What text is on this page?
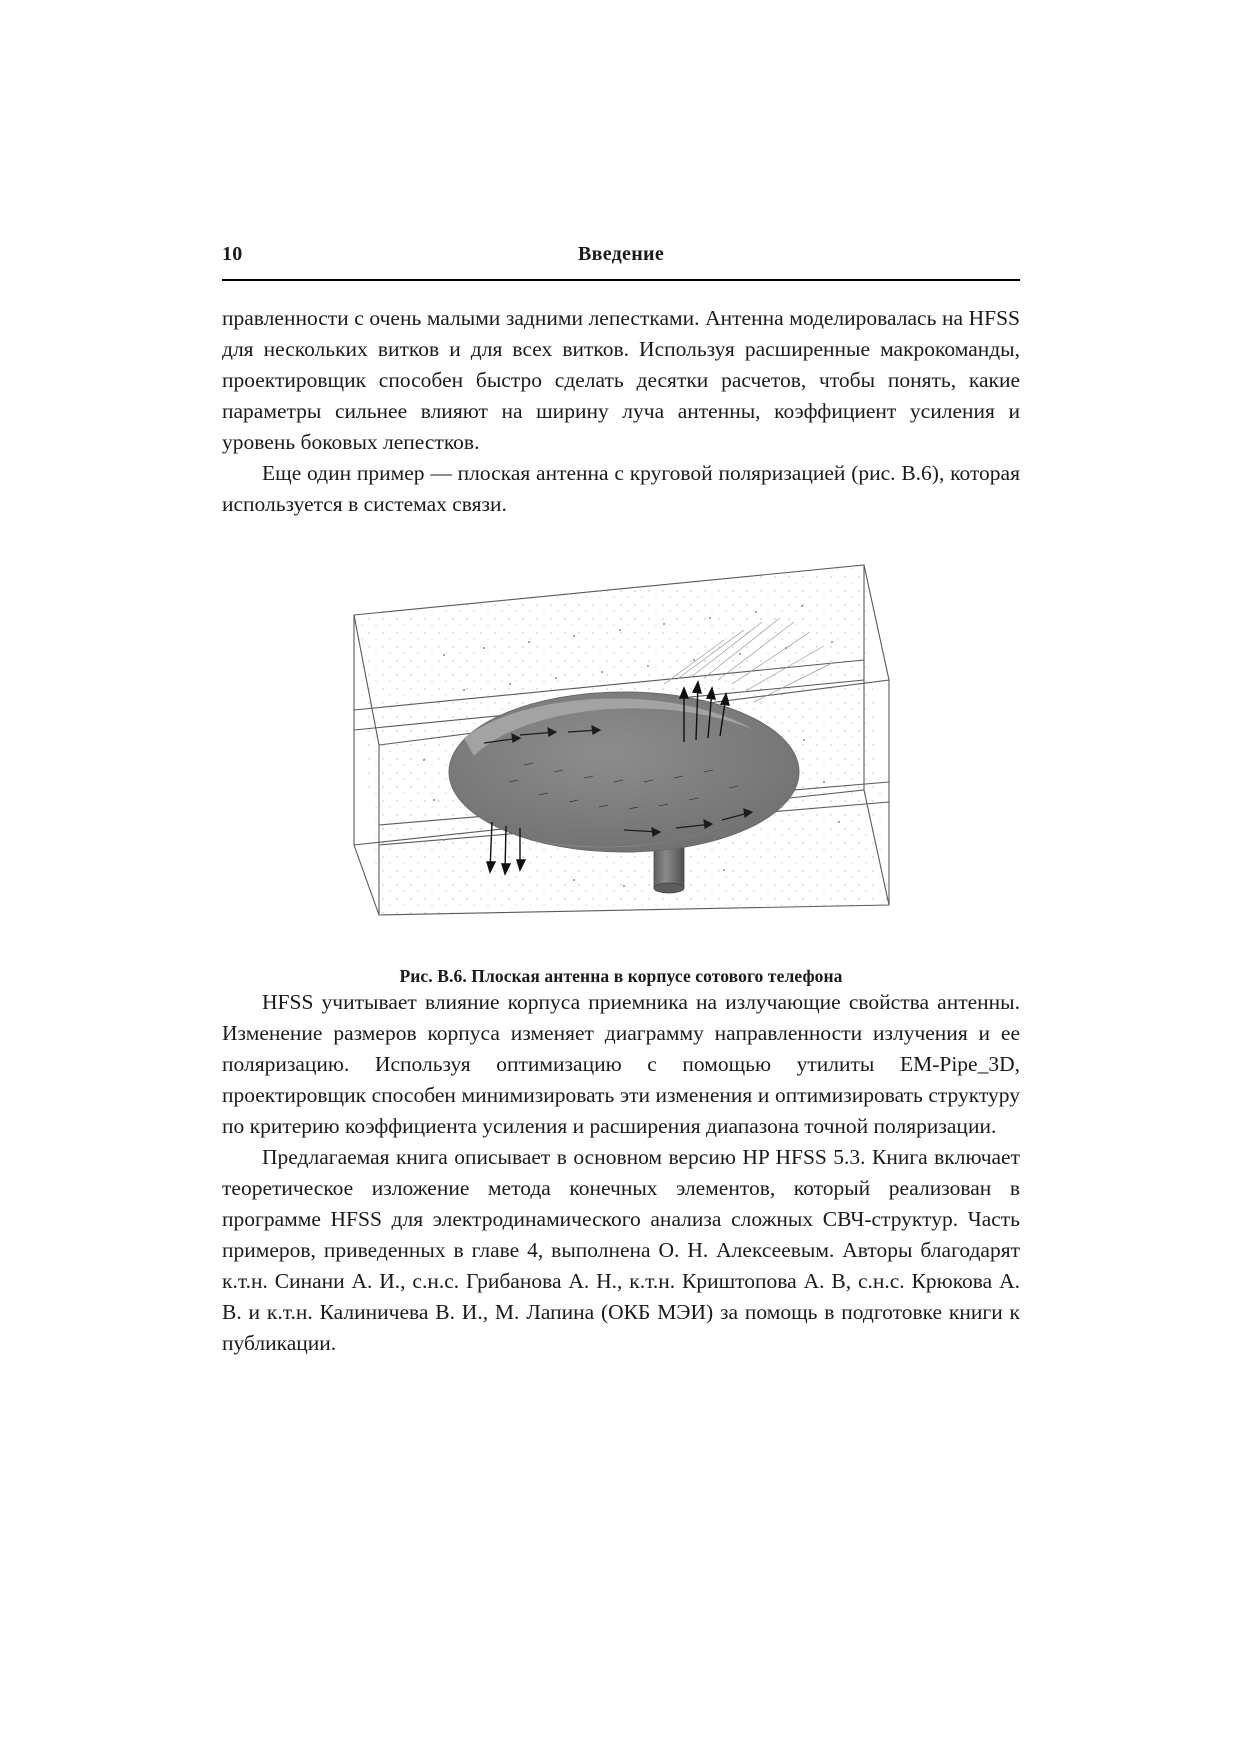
10	Введение

правленности с очень малыми задними лепестками. Антенна моделировалась на HFSS для нескольких витков и для всех витков. Используя расширенные макрокоманды, проектировщик способен быстро сделать десятки расчетов, чтобы понять, какие параметры сильнее влияют на ширину луча антенны, коэффициент усиления и уровень боковых лепестков.

Еще один пример — плоская антенна с круговой поляризацией (рис. В.6), которая используется в системах связи.

Рис. В.6. Плоская антенна в корпусе сотового телефона

HFSS учитывает влияние корпуса приемника на излучающие свойства антенны. Изменение размеров корпуса изменяет диаграмму направленности излучения и ее поляризацию. Используя оптимизацию с помощью утилиты EM-Pipe_3D, проектировщик способен минимизировать эти изменения и оптимизировать структуру по критерию коэффициента усиления и расширения диапазона точной поляризации.

Предлагаемая книга описывает в основном версию HP HFSS 5.3. Книга включает теоретическое изложение метода конечных элементов, который реализован в программе HFSS для электродинамического анализа сложных СВЧ-структур. Часть примеров, приведенных в главе 4, выполнена О. Н. Алексеевым. Авторы благодарят к.т.н. Синани А. И., с.н.с. Грибанова А. Н., к.т.н. Криштопова А. В, с.н.с. Крюкова А. В. и к.т.н. Калиничева В. И., М. Лапина (ОКБ МЭИ) за помощь в подготовке книги к публикации.
